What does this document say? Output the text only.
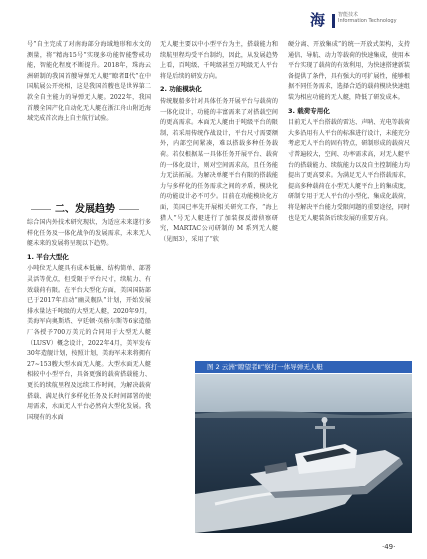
海	智能技术
Information Technology

号”自主完成了对南海部分海域地形和水文的测量，将“精海15号”实现多功能智能警戒功能，智能化程度不断提升。2018年，珠海云洲研制的我国首艘导弹无人艇“瞭者Ⅱ代”在中国航展公开亮相，这是我国首艘也是世界第二款全自主能力的导弹无人艇。2022年，我国首艘全国产化自动化无人艇在浙江舟山附近海域完成首次海上自主航行试验。

二、发展趋势

综合国内外技术研究现状，为适应未来遂行多样化任务及一体化战争的发展需求，未来无人艇未来的发展将呈现以下趋势。

1. 平台大型化

小吨位无人艇具有成本低廉、结构简单、部署灵活等优点，但受限于平台尺寸，续航力、有效载荷有限。在平台大型化方面，美国国防部已于2017年启动“幽灵舰队”计划，开始发展排水量达千吨级的大型无人艇，2020年9月，美海军向奥斯塔、亨廷顿·英格尔斯等6家造船厂各授予700万美元的合同用于大型无人艇（LUSV）概念设计，2022年4月，美军发布30年造舰计划，按照计划，美海军未来将拥有27~153艘大型水面无人艇。大型水面无人艇相较中小型平台，具备更强的载荷搭载能力、更长的续航里程及远续工作时间，为解决载荷搭载、满足执行多样化任务及长时间部署的使用需求，水面无人平台必然向大型化发展。我国现有的水面

无人艇主要以中小型平台为主，搭载能力和续航里程均受平台制约，因此，从发展趋势上看，百吨级、千吨级甚至万吨级无人平台将是后续的研发方向。

2. 功能模块化

传统舰船多针对具体任务开展平台与载荷的一体化设计，功能的丰富需来了对搭载空间的更高需求。本面无人艇由于吨级平台的限制，若采用传统作战设计，平台尺寸需要额外，内部空间紧凑，难以搭载多种任务载荷。若仅根据某一具体任务开展平台、载荷的一体化设计，则对空间需求高，且任务能力无法拓展。为解决单艇平台有限的搭载能力与多样化的任务需求之间的矛盾，模块化的功能设计必不可少。目前在功能模块化方面，美国已率先开展相关研究工作，“海上猎人”号无人艇进行了加装探反潜侦察研究，MARTAC公司研制的 M 系列无人艇（见图3），采用了“软

硬分离、开放集成”的统一开放式架构，支持通信、导航、动力等载荷的快速集成，使用本平台实现了载荷的有效利用，为快速搭建新装备提供了条件，具有强大的可扩展性，能够根据不同任务需求，选择合适的载荷模块快速组装为相应功能的无人艇，降低了研发成本。

3. 载荷专用化

目前无人平台搭载的雷达、声呐、光电等载荷大多沿用有人平台的标准进行设计，未能充分考虑无人平台的固有特点，研制形成的载荷尺寸普遍较大，空间、功率需求高，对无人艇平台的搭载能力、续航能力以及自主控制能力均提出了更高要求。为满足无人平台搭载需求，提高多种载荷在小型无人艇平台上的集成度，研制专用于无人平台的小型化、集成化载荷，将是解决平台能力受限问题的重要途径，同时也是无人艇装备后续发展的重要方向。

图 2 云洲“瞭望者Ⅱ”察打一体导弹无人艇
·49·
